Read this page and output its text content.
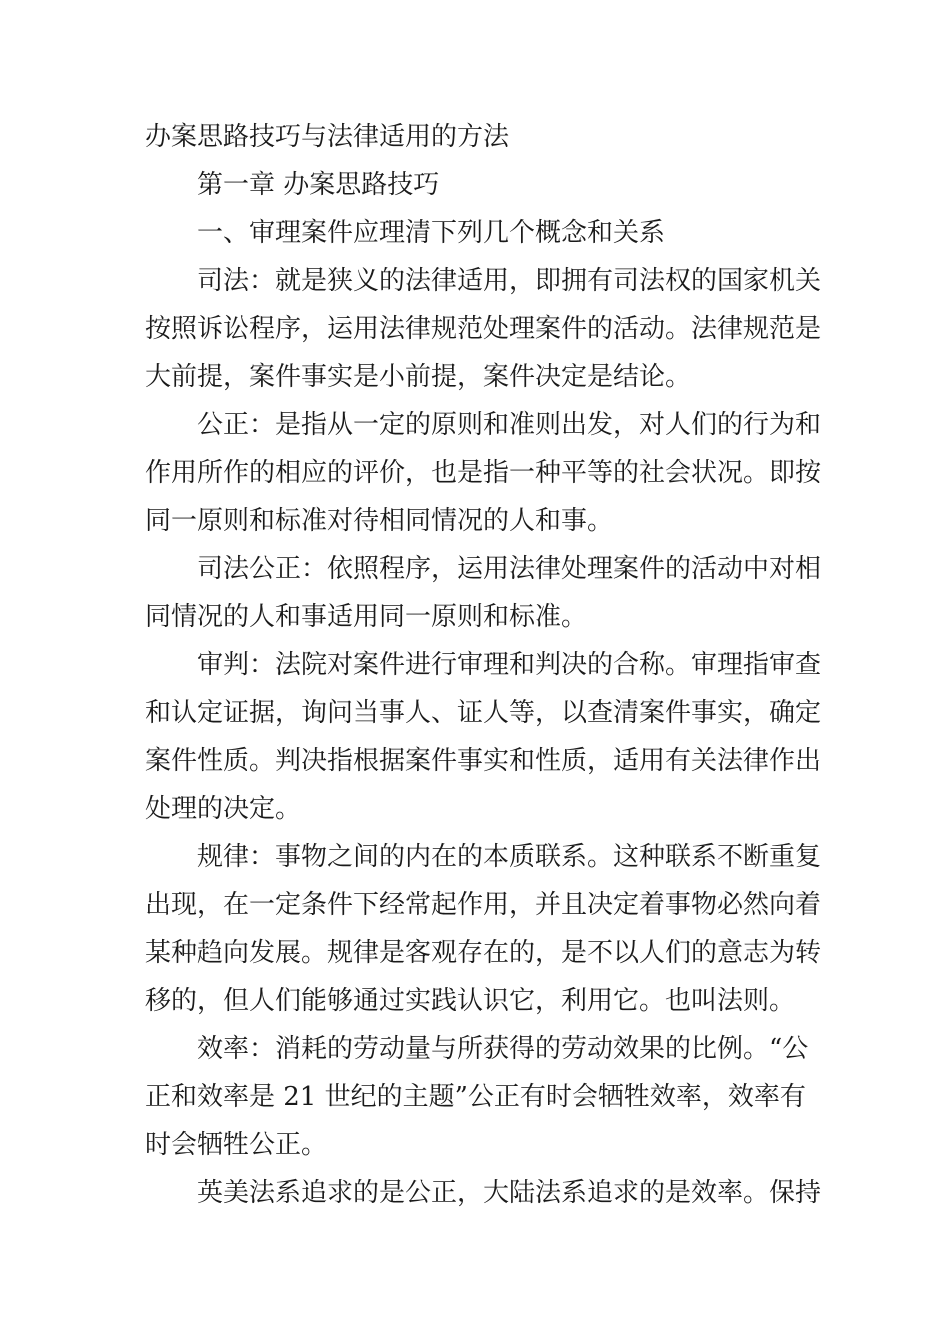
办案思路技巧与法律适用的方法
第一章 办案思路技巧
一、审理案件应理清下列几个概念和关系
司法：就是狭义的法律适用，即拥有司法权的国家机关
按照诉讼程序，运用法律规范处理案件的活动。法律规范是
大前提，案件事实是小前提，案件决定是结论。
公正：是指从一定的原则和准则出发，对人们的行为和
作用所作的相应的评价，也是指一种平等的社会状况。即按
同一原则和标准对待相同情况的人和事。
司法公正：依照程序，运用法律处理案件的活动中对相
同情况的人和事适用同一原则和标准。
审判：法院对案件进行审理和判决的合称。审理指审查
和认定证据，询问当事人、证人等，以查清案件事实，确定
案件性质。判决指根据案件事实和性质，适用有关法律作出
处理的决定。
规律：事物之间的内在的本质联系。这种联系不断重复
出现，在一定条件下经常起作用，并且决定着事物必然向着
某种趋向发展。规律是客观存在的，是不以人们的意志为转
移的，但人们能够通过实践认识它，利用它。也叫法则。
效率：消耗的劳动量与所获得的劳动效果的比例。“公
正和效率是 21 世纪的主题”公正有时会牺牲效率，效率有
时会牺牲公正。
英美法系追求的是公正，大陆法系追求的是效率。保持
